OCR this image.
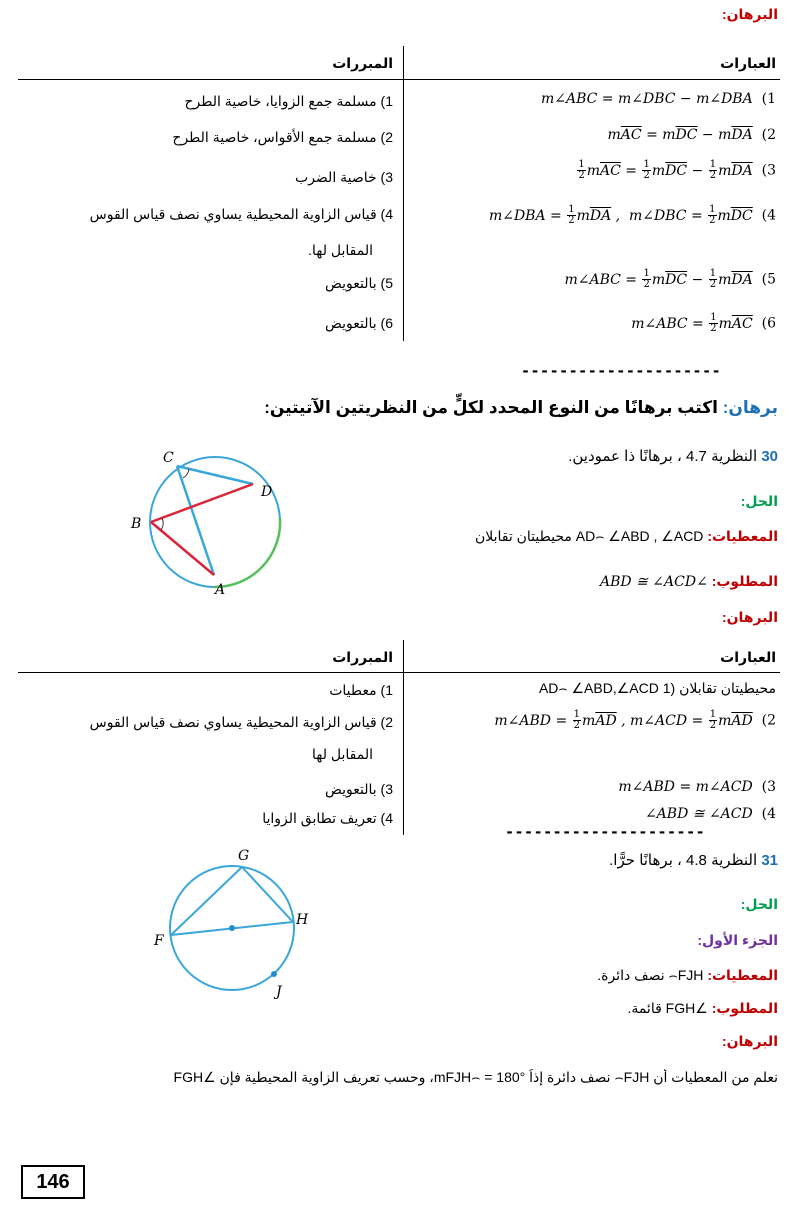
البرهان:
العبارات
المبررات
m∠ABC = m∠DBC − m∠DBA (1
$m\overline{AC} = m\overline{DC} - m\overline{DA}$ (2
$\frac{1}{2} m\overline{AC} = \frac{1}{2} m\overline{DC} - \frac{1}{2} m\overline{DA}$ (3
m∠DBA = $\frac{1}{2} m\overline{DA}$ ,  m∠DBC = $\frac{1}{2} m\overline{DC}$ (4
m∠ABC = $\frac{1}{2} m\overline{DC} - \frac{1}{2} m\overline{DA}$ (5
m∠ABC = $\frac{1}{2} m\overline{AC}$ (6
1) مسلمة جمع الزوايا، خاصية الطرح
2) مسلمة جمع الأقواس، خاصية الطرح
3) خاصية الضرب
4) قياس الزاوية المحيطية يساوي نصف قياس القوس
المقابل لها.
5) بالتعويض
6) بالتعويض
---------------------
برهان: اكتب برهانًا من النوع المحدد لكلٍّ من النظريتين الآتيتين:
30 النظرية 4.7 ، برهانًا ذا عمودين.
الحل:
المعطيات: AD⌢ ∠ABD , ∠ACD محيطيتان تقابلان
المطلوب: ∠ABD ≅ ∠ACD
C
D
B
A
البرهان:
العبارات
المبررات
AD⌢ ∠ABD,∠ACD محيطيتان تقابلان (1
m∠ABD = $\frac{1}{2} m\overline{AD}$ , m∠ACD = $\frac{1}{2} m\overline{AD}$ (2
m∠ABD = m∠ACD (3
∠ABD ≅ ∠ACD (4
1) معطيات
2) قياس الزاوية المحيطية يساوي نصف قياس القوس
المقابل لها
3) بالتعويض
4) تعريف تطابق الزوايا
---------------------
31 النظرية 4.8 ، برهانًا حرًّا.
الحل:
الجزء الأول:
المعطيات: FJH⌢ نصف دائرة.
المطلوب: ∠FGH قائمة.
البرهان:
نعلم من المعطيات أن FJH⌢ نصف دائرة إذاً mFJH⌢ = 180°، وحسب تعريف الزاوية المحيطية فإن ∠FGH
G
F
H
J
146
